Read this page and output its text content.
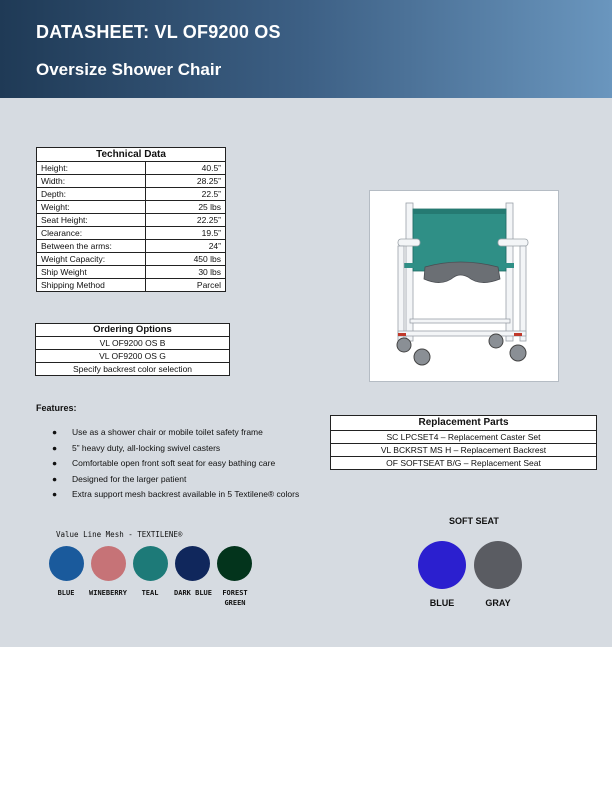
DATASHEET: VL OF9200 OS
Oversize Shower Chair
Technical Data	
Height:	40.5”
Width:	28.25”
Depth:	22.5”
Weight:	25 lbs
Seat Height:	22.25”
Clearance:	19.5”
Between the arms:	24”
Weight Capacity:	450 lbs
Ship Weight	30 lbs
Shipping Method	Parcel
Ordering Options
VL OF9200 OS B
VL OF9200 OS G
Specify backrest color selection
Features:
● Use as a shower chair or mobile toilet safety frame
● 5” heavy duty, all-locking swivel casters
● Comfortable open front soft seat for easy bathing care
● Designed for the larger patient
● Extra support mesh backrest available in 5 Textilene® colors
Replacement Parts
SC LPCSET4 – Replacement Caster Set
VL BCKRST MS H – Replacement Backrest
OF SOFTSEAT B/G – Replacement Seat
Value Line Mesh - TEXTILENE®
BLUE	WINEBERRY	TEAL	DARK BLUE	FOREST GREEN
SOFT SEAT
BLUE	GRAY
